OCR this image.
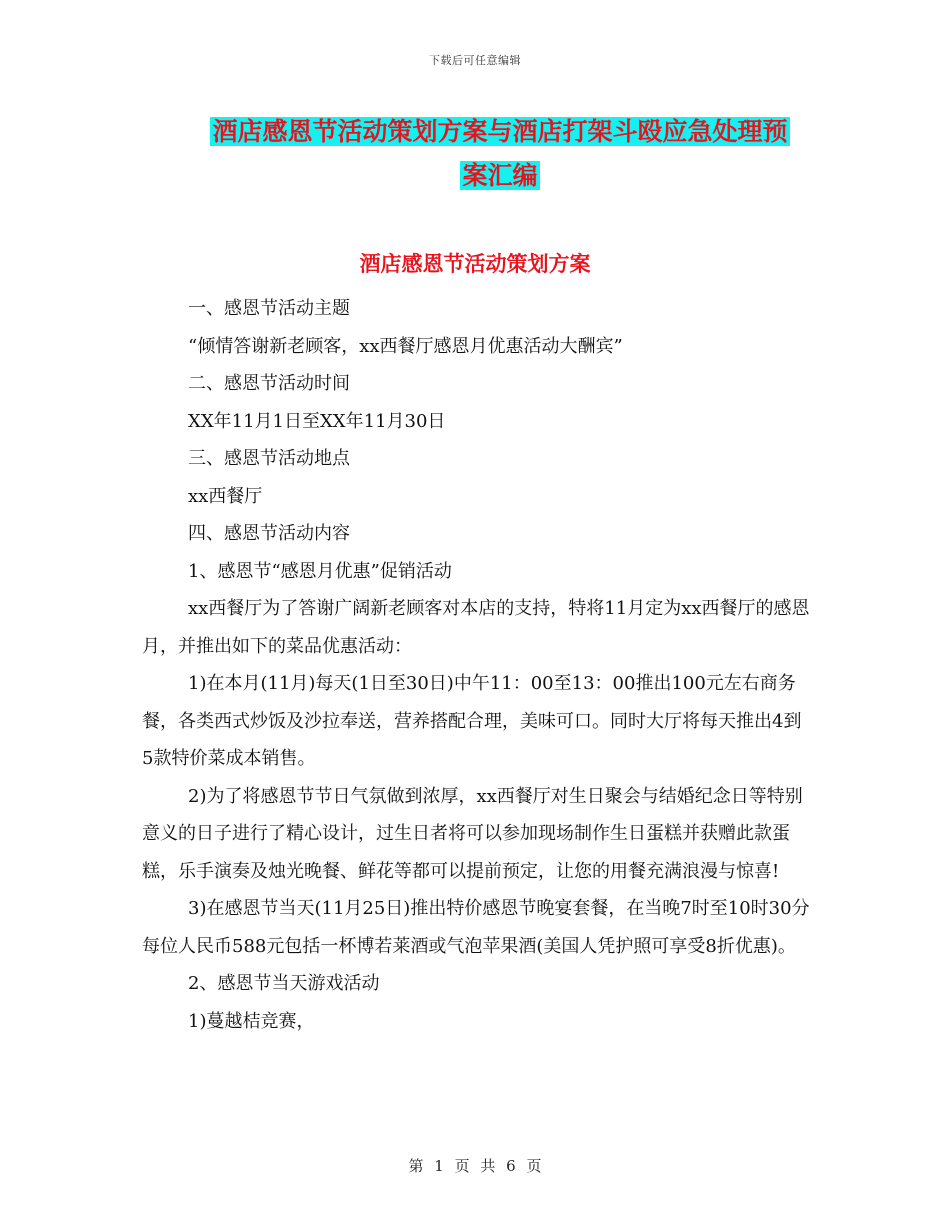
下载后可任意编辑
酒店感恩节活动策划方案与酒店打架斗殴应急处理预
案汇编
酒店感恩节活动策划方案

一、感恩节活动主题

“倾情答谢新老顾客，xx西餐厅感恩月优惠活动大酬宾”

二、感恩节活动时间

XX年11月1日至XX年11月30日

三、感恩节活动地点

xx西餐厅

四、感恩节活动内容

1、感恩节“感恩月优惠”促销活动

xx西餐厅为了答谢广阔新老顾客对本店的支持，特将11月定为xx西餐厅的感恩月，并推出如下的菜品优惠活动：

1)在本月(11月)每天(1日至30日)中午11：00至13：00推出100元左右商务餐，各类西式炒饭及沙拉奉送，营养搭配合理，美味可口。同时大厅将每天推出4到5款特价菜成本销售。

2)为了将感恩节节日气氛做到浓厚，xx西餐厅对生日聚会与结婚纪念日等特别意义的日子进行了精心设计，过生日者将可以参加现场制作生日蛋糕并获赠此款蛋糕，乐手演奏及烛光晚餐、鲜花等都可以提前预定，让您的用餐充满浪漫与惊喜!

3)在感恩节当天(11月25日)推出特价感恩节晚宴套餐，在当晚7时至10时30分 每位人民币588元包括一杯博若莱酒或气泡苹果酒(美国人凭护照可享受8折优惠)。

2、感恩节当天游戏活动

1)蔓越桔竞赛，

第 1 页 共 6 页
